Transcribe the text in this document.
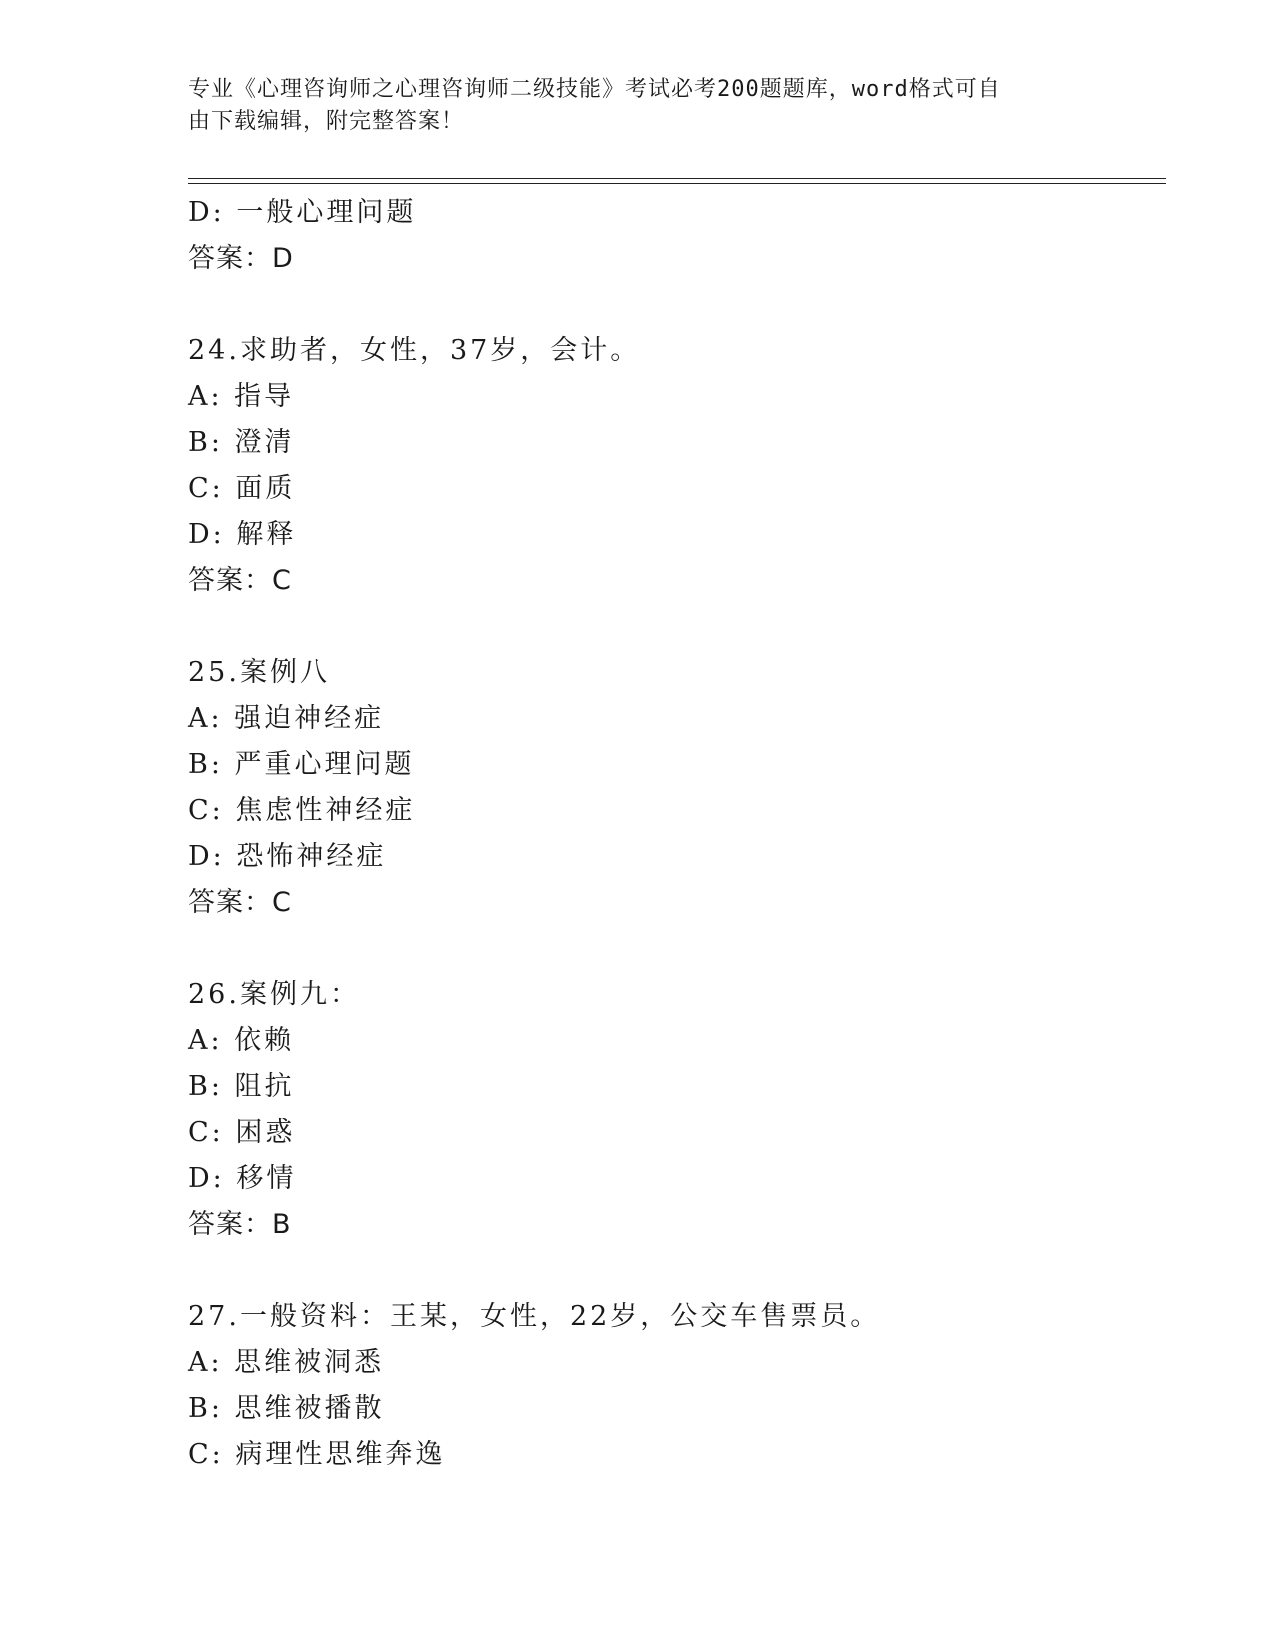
专业《心理咨询师之心理咨询师二级技能》考试必考200题题库，word格式可自
由下载编辑，附完整答案！
D: 一般心理问题
答案：D
24.求助者，女性，37岁，会计。
A: 指导
B: 澄清
C: 面质
D: 解释
答案：C
25.案例八
A: 强迫神经症
B: 严重心理问题
C: 焦虑性神经症
D: 恐怖神经症
答案：C
26.案例九：
A: 依赖
B: 阻抗
C: 困惑
D: 移情
答案：B
27.一般资料：王某，女性，22岁，公交车售票员。
A: 思维被洞悉
B: 思维被播散
C: 病理性思维奔逸
